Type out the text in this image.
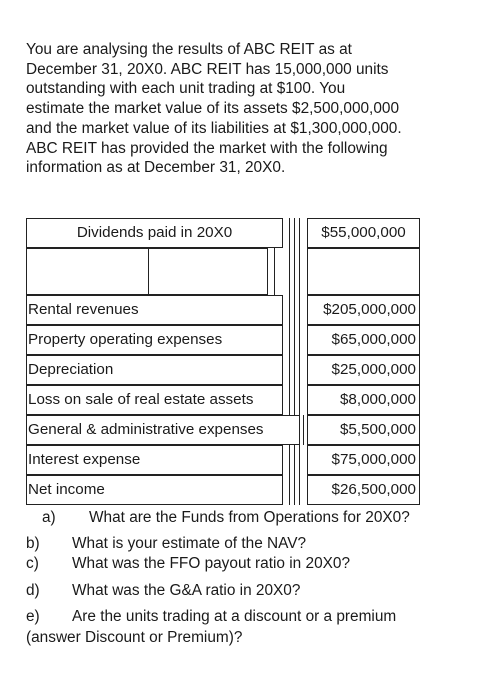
You are analysing the results of ABC REIT as at
December 31, 20X0. ABC REIT has 15,000,000 units
outstanding with each unit trading at $100. You
estimate the market value of its assets $2,500,000,000
and the market value of its liabilities at $1,300,000,000.
ABC REIT has provided the market with the following
information as at December 31, 20X0.
Dividends paid in 20X0	$55,000,000
Rental revenues	$205,000,000
Property operating expenses	$65,000,000
Depreciation	$25,000,000
Loss on sale of real estate assets	$8,000,000
General & administrative expenses	$5,500,000
Interest expense	$75,000,000
Net income	$26,500,000
a) What are the Funds from Operations for 20X0?
b) What is your estimate of the NAV?
c) What was the FFO payout ratio in 20X0?
d) What was the G&A ratio in 20X0?
e) Are the units trading at a discount or a premium
(answer Discount or Premium)?
